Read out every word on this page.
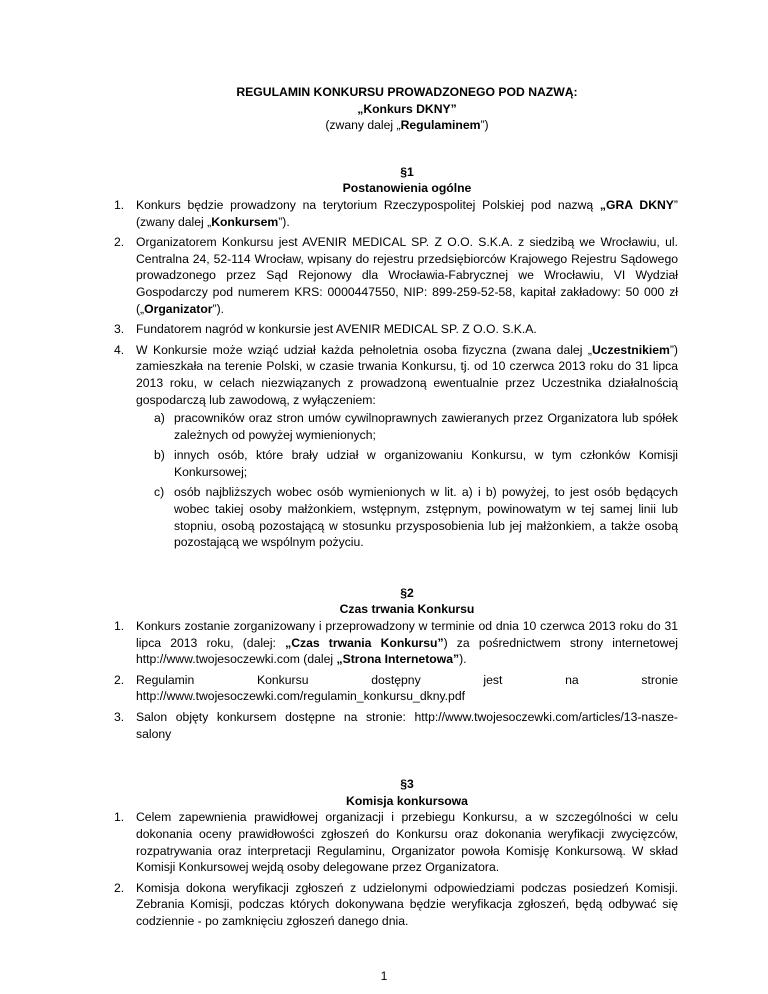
REGULAMIN KONKURSU PROWADZONEGO POD NAZWĄ:

„Konkurs DKNY”

(zwany dalej „Regulaminem”)

§1

Postanowienia ogólne

1. Konkurs będzie prowadzony na terytorium Rzeczypospolitej Polskiej pod nazwą „GRA DKNY” (zwany dalej „Konkursem”).
2. Organizatorem Konkursu jest AVENIR MEDICAL SP. Z O.O. S.K.A. z siedzibą we Wrocławiu, ul. Centralna 24, 52-114 Wrocław, wpisany do rejestru przedsiębiorców Krajowego Rejestru Sądowego prowadzonego przez Sąd Rejonowy dla Wrocławia-Fabrycznej we Wrocławiu, VI Wydział Gospodarczy pod numerem KRS: 0000447550, NIP: 899-259-52-58, kapitał zakładowy: 50 000 zł („Organizator”).
3. Fundatorem nagród w konkursie jest AVENIR MEDICAL SP. Z O.O. S.K.A.
4. W Konkursie może wziąć udział każda pełnoletnia osoba fizyczna (zwana dalej „Uczestnikiem”) zamieszkała na terenie Polski, w czasie trwania Konkursu, tj. od 10 czerwca 2013 roku do 31 lipca 2013 roku, w celach niezwiązanych z prowadzoną ewentualnie przez Uczestnika działalnością gospodarczą lub zawodową, z wyłączeniem:
a) pracowników oraz stron umów cywilnoprawnych zawieranych przez Organizatora lub spółek zależnych od powyżej wymienionych;
b) innych osób, które brały udział w organizowaniu Konkursu, w tym członków Komisji Konkursowej;
c) osób najbliższych wobec osób wymienionych w lit. a) i b) powyżej, to jest osób będących wobec takiej osoby małżonkiem, wstępnym, zstępnym, powinowatym w tej samej linii lub stopniu, osobą pozostającą w stosunku przysposobienia lub jej małżonkiem, a także osobą pozostającą we wspólnym pożyciu.

§2

Czas trwania Konkursu

1. Konkurs zostanie zorganizowany i przeprowadzony w terminie od dnia 10 czerwca 2013 roku do 31 lipca 2013 roku, (dalej: „Czas trwania Konkursu”) za pośrednictwem strony internetowej http://www.twojesoczewki.com (dalej „Strona Internetowa”).
2. Regulamin Konkursu dostępny jest na stronie http://www.twojesoczewki.com/regulamin_konkursu_dkny.pdf
3. Salon objęty konkursem dostępne na stronie: http://www.twojesoczewki.com/articles/13-nasze-salony

§3

Komisja konkursowa

1. Celem zapewnienia prawidłowej organizacji i przebiegu Konkursu, a w szczególności w celu dokonania oceny prawidłowości zgłoszeń do Konkursu oraz dokonania weryfikacji zwycięzców, rozpatrywania oraz interpretacji Regulaminu, Organizator powoła Komisję Konkursową. W skład Komisji Konkursowej wejdą osoby delegowane przez Organizatora.
2. Komisja dokona weryfikacji zgłoszeń z udzielonymi odpowiedziami podczas posiedzeń Komisji. Zebrania Komisji, podczas których dokonywana będzie weryfikacja zgłoszeń, będą odbywać się codziennie - po zamknięciu zgłoszeń danego dnia.
1
